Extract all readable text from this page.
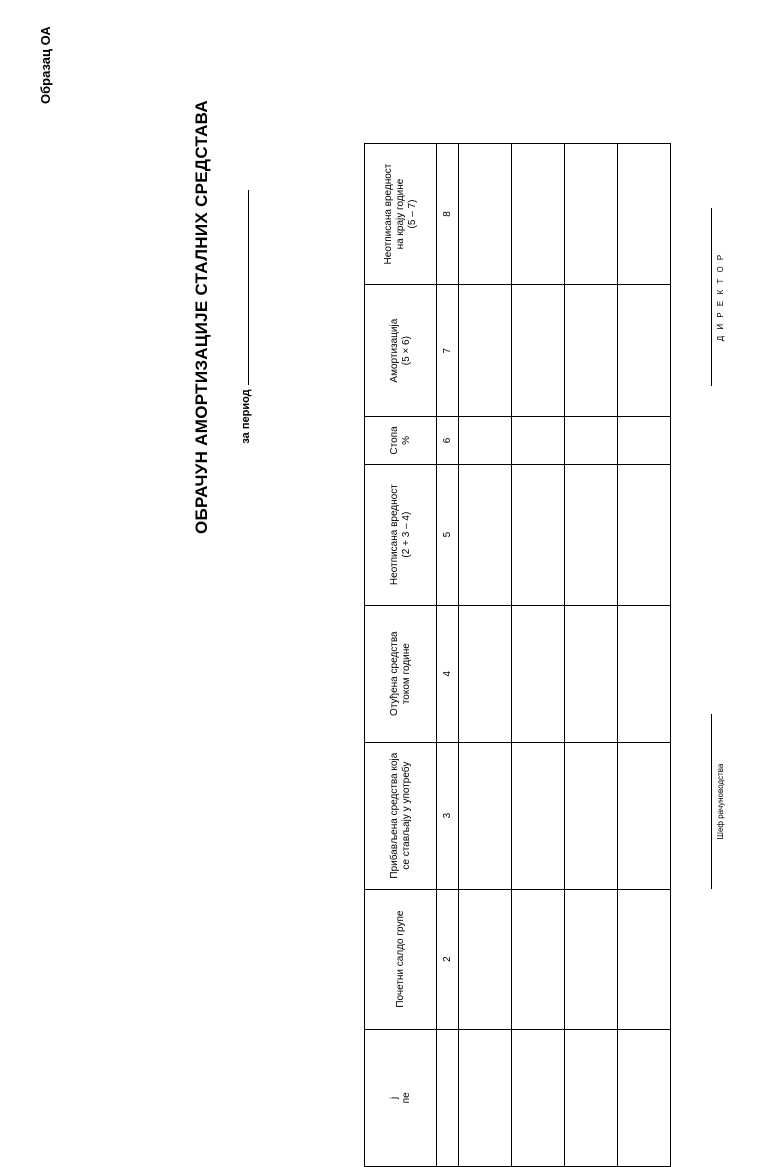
Образац ОА
ОБРАЧУН АМОРТИЗАЦИЈЕ СТАЛНИХ СРЕДСТАВА	за период
ј пе	Почетни салдо групе	Прибављена средства која се стављају у употребу	Отуђена средства током године	Неотписана вредност (2 + 3 – 4)	Стопа %	Амортизација (5 × 6)	Неотписана вредност на крају године (5 – 7)

	2	3	4	5	6	7	8

Шеф рачуноводства
Д И Р Е К Т О Р
